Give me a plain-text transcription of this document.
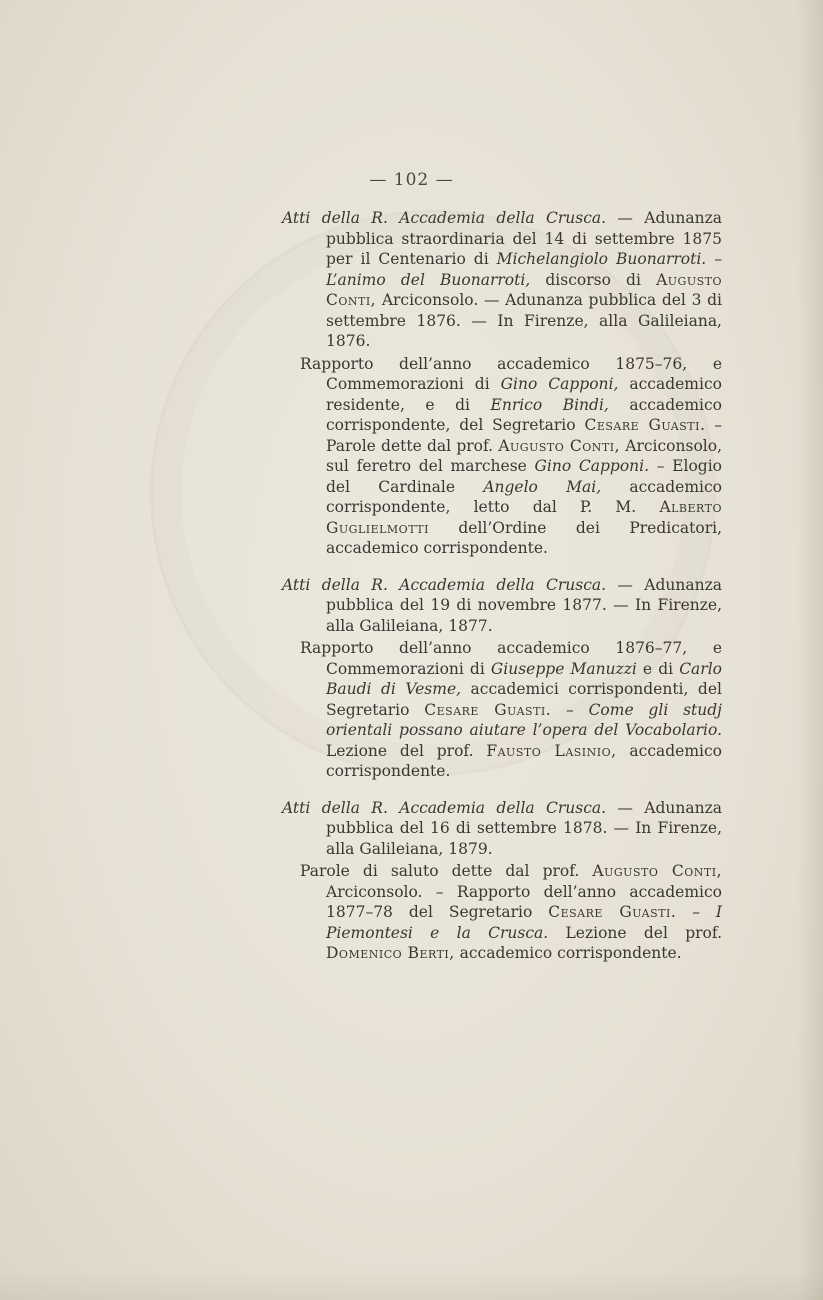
— 102 —

Atti della R. Accademia della Crusca. — Adunanza pubblica straordinaria del 14 di settembre 1875 per il Centenario di Michelangiolo Buonarroti. – L’animo del Buonarroti, discorso di Augusto Conti, Arciconsolo. — Adunanza pubblica del 3 di settembre 1876. — In Firenze, alla Galileiana, 1876.

Rapporto dell’anno accademico 1875–76, e Commemorazioni di Gino Capponi, accademico residente, e di Enrico Bindi, accademico corrispondente, del Segretario Cesare Guasti. – Parole dette dal prof. Augusto Conti, Arciconsolo, sul feretro del marchese Gino Capponi. – Elogio del Cardinale Angelo Mai, accademico corrispondente, letto dal P. M. Alberto Guglielmotti dell’Ordine dei Predicatori, accademico corrispondente.

Atti della R. Accademia della Crusca. — Adunanza pubblica del 19 di novembre 1877. — In Firenze, alla Galileiana, 1877.

Rapporto dell’anno accademico 1876–77, e Commemorazioni di Giuseppe Manuzzi e di Carlo Baudi di Vesme, accademici corrispondenti, del Segretario Cesare Guasti. – Come gli studj orientali possano aiutare l’opera del Vocabolario. Lezione del prof. Fausto Lasinio, accademico corrispondente.

Atti della R. Accademia della Crusca. — Adunanza pubblica del 16 di settembre 1878. — In Firenze, alla Galileiana, 1879.

Parole di saluto dette dal prof. Augusto Conti, Arciconsolo. – Rapporto dell’anno accademico 1877–78 del Segretario Cesare Guasti. – I Piemontesi e la Crusca. Lezione del prof. Domenico Berti, accademico corrispondente.
